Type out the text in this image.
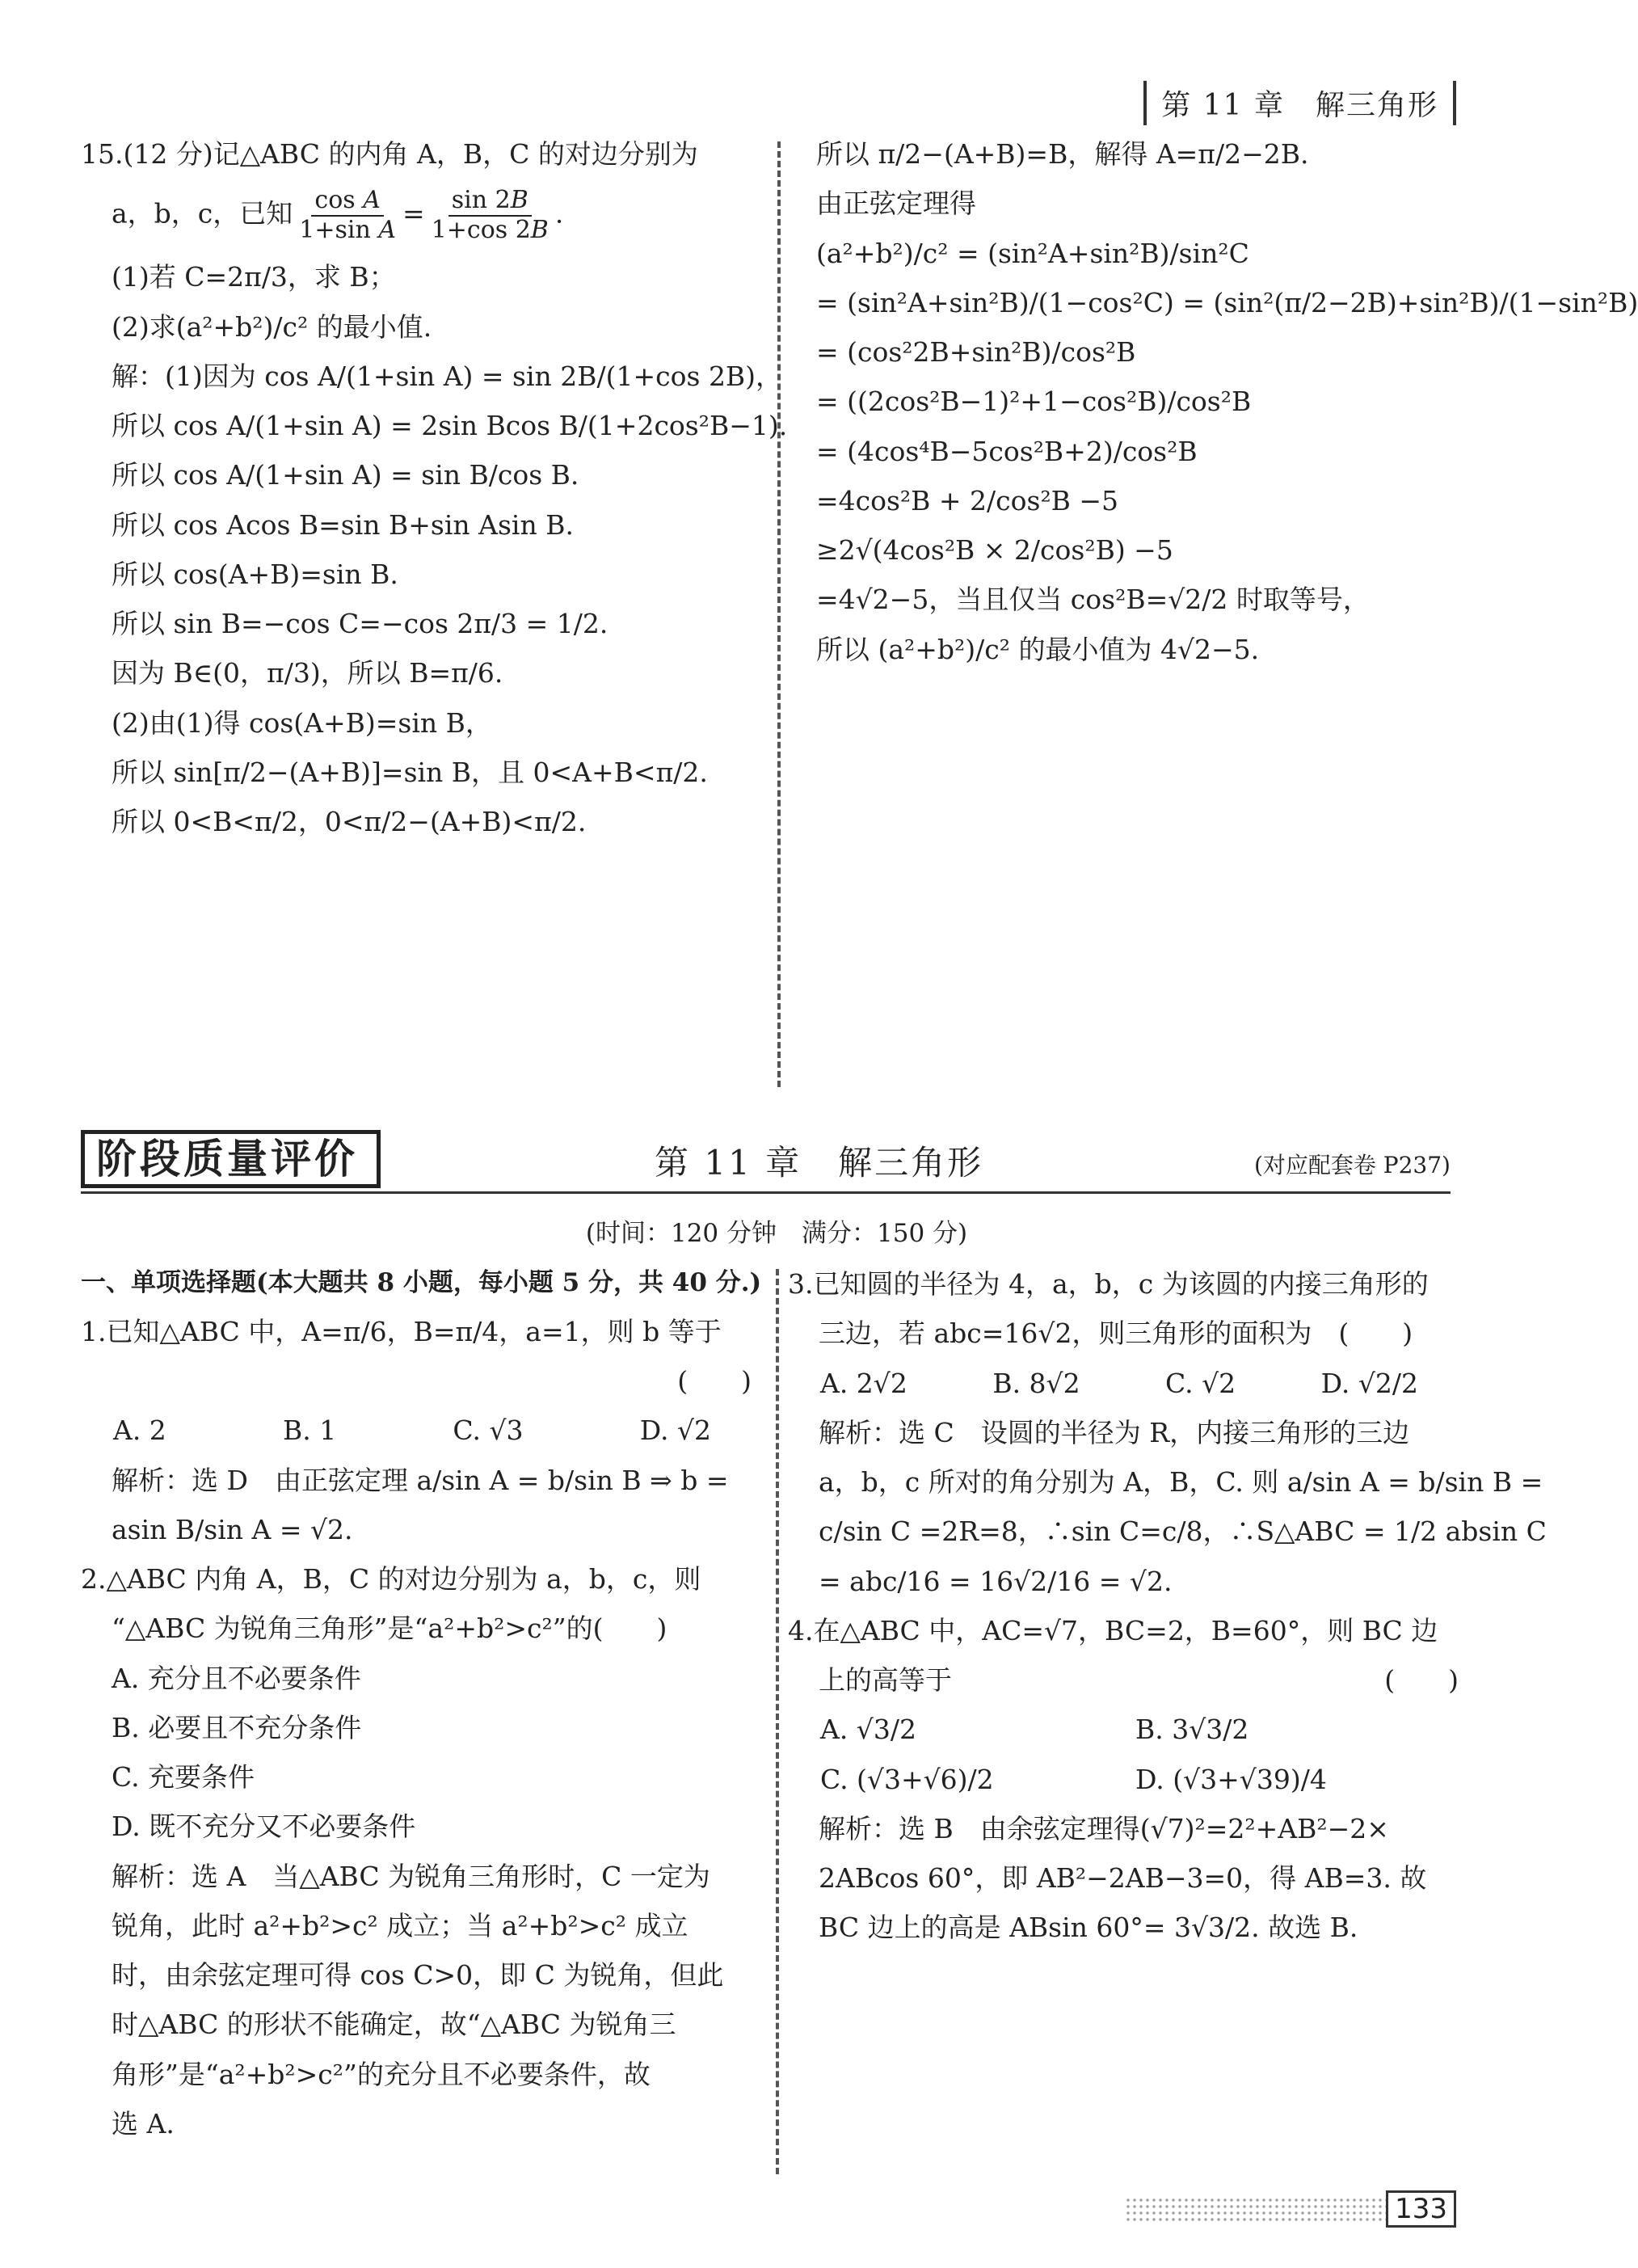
第 11 章　解三角形
15.(12 分)记△ABC 的内角 A，B，C 的对边分别为
a，b，c，已知 $\frac{\text{cos A}}{\text{1+sin A}} = \frac{\sin 2B}{1+\cos 2B}$ .
(1)若 C=2π/3，求 B；
(2)求(a²+b²)/c² 的最小值.
解：(1)因为 cos A/(1+sin A) = sin 2B/(1+cos 2B)，
所以 cos A/(1+sin A) = 2sin Bcos B/(1+2cos²B−1).
所以 cos A/(1+sin A) = sin B/cos B.
所以 cos Acos B=sin B+sin Asin B.
所以 cos(A+B)=sin B.
所以 sin B=−cos C=−cos 2π/3 = 1/2.
因为 B∈(0，π/3)，所以 B=π/6.
(2)由(1)得 cos(A+B)=sin B，
所以 sin[π/2−(A+B)]=sin B，且 0<A+B<π/2.
所以 0<B<π/2，0<π/2−(A+B)<π/2.
所以 π/2−(A+B)=B，解得 A=π/2−2B.
由正弦定理得
(a²+b²)/c² = (sin²A+sin²B)/sin²C
= (sin²A+sin²B)/(1−cos²C) = (sin²(π/2−2B)+sin²B)/(1−sin²B)
= (cos²2B+sin²B)/cos²B
= ((2cos²B−1)²+1−cos²B)/cos²B
= (4cos⁴B−5cos²B+2)/cos²B
=4cos²B + 2/cos²B −5
≥2√(4cos²B × 2/cos²B) −5
=4√2−5，当且仅当 cos²B=√2/2 时取等号，
所以 (a²+b²)/c² 的最小值为 4√2−5.
阶段质量评价	第 11 章　解三角形	(对应配套卷 P237)
(时间：120 分钟　满分：150 分)
一、单项选择题(本大题共 8 小题，每小题 5 分，共 40 分.)
1.已知△ABC 中，A=π/6，B=π/4，a=1，则 b 等于
(　　)
A. 2	B. 1	C. √3	D. √2
解析：选 D　由正弦定理 a/sin A = b/sin B ⇒ b =
asin B/sin A = √2.
2.△ABC 内角 A，B，C 的对边分别为 a，b，c，则
“△ABC 为锐角三角形”是“a²+b²>c²”的(　　)
A. 充分且不必要条件
B. 必要且不充分条件
C. 充要条件
D. 既不充分又不必要条件
解析：选 A　当△ABC 为锐角三角形时，C 一定为
锐角，此时 a²+b²>c² 成立；当 a²+b²>c² 成立
时，由余弦定理可得 cos C>0，即 C 为锐角，但此
时△ABC 的形状不能确定，故“△ABC 为锐角三
角形”是“a²+b²>c²”的充分且不必要条件，故
选 A.
3.已知圆的半径为 4，a，b，c 为该圆的内接三角形的
三边，若 abc=16√2，则三角形的面积为　(　　)
A. 2√2	B. 8√2	C. √2	D. √2/2
解析：选 C　设圆的半径为 R，内接三角形的三边
a，b，c 所对的角分别为 A，B，C. 则 a/sin A = b/sin B =
c/sin C =2R=8，∴sin C=c/8，∴S△ABC = 1/2 absin C
= abc/16 = 16√2/16 = √2.
4.在△ABC 中，AC=√7，BC=2，B=60°，则 BC 边
上的高等于	(　　)
A. √3/2	B. 3√3/2
C. (√3+√6)/2	D. (√3+√39)/4
解析：选 B　由余弦定理得(√7)²=2²+AB²−2×
2ABcos 60°，即 AB²−2AB−3=0，得 AB=3. 故
BC 边上的高是 ABsin 60°= 3√3/2. 故选 B.
133
